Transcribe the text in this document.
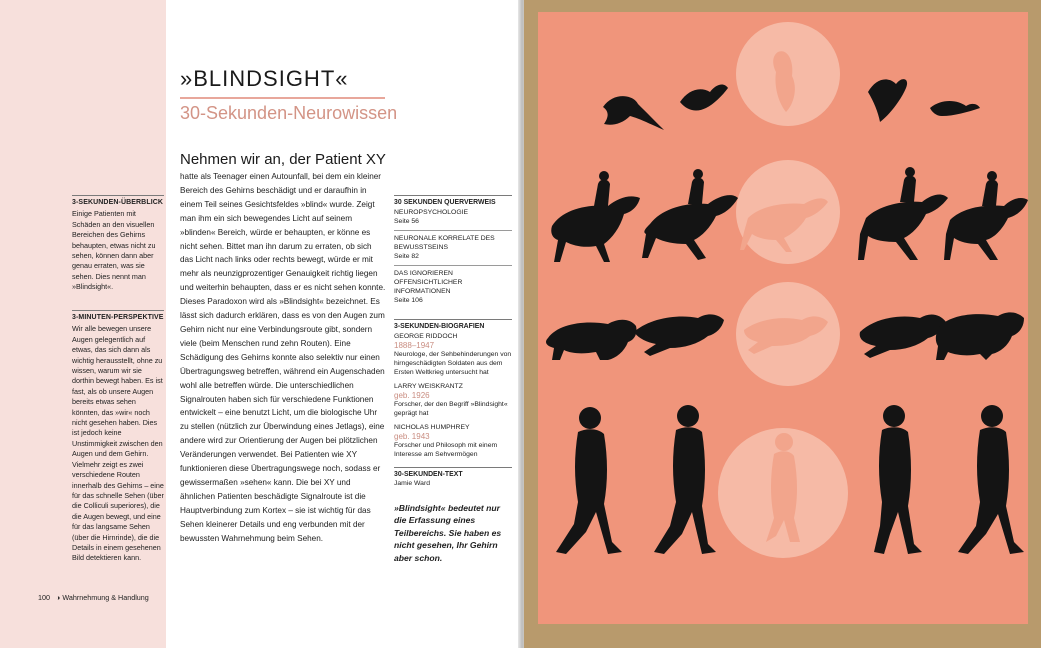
»BLINDSIGHT«
30-Sekunden-Neurowissen
3-SEKUNDEN-ÜBERBLICK

Einige Patienten mit Schäden an den visuellen Bereichen des Gehirns behaupten, etwas nicht zu sehen, können dann aber genau erraten, was sie sehen. Dies nennt man »Blindsight«.

3-MINUTEN-PERSPEKTIVE

Wir alle bewegen unsere Augen gelegentlich auf etwas, das sich dann als wichtig herausstellt, ohne zu wissen, warum wir sie dorthin bewegt haben. Es ist fast, als ob unsere Augen bereits etwas sehen könnten, das »wir« noch nicht gesehen haben. Dies ist jedoch keine Unstimmigkeit zwischen den Augen und dem Gehirn. Vielmehr zeigt es zwei verschiedene Routen innerhalb des Gehirns – eine für das schnelle Sehen (über die Colliculi superiores), die die Augen bewegt, und eine für das langsame Sehen (über die Hirnrinde), die die Details in einem gesehenen Bild detektieren kann.

100 ◑ Wahrnehmung & Handlung
Nehmen wir an, der Patient XY

hatte als Teenager einen Autounfall, bei dem ein kleiner Bereich des Gehirns beschädigt und er daraufhin in einem Teil seines Gesichtsfeldes »blind« wurde. Zeigt man ihm ein sich bewegendes Licht auf seinem »blinden« Bereich, würde er behaupten, er könne es nicht sehen. Bittet man ihn darum zu erraten, ob sich das Licht nach links oder rechts bewegt, würde er mit mehr als neunzigprozentiger Genauigkeit richtig liegen und weiterhin behaupten, dass er es nicht sehen konnte. Dieses Paradoxon wird als »Blindsight« bezeichnet. Es lässt sich dadurch erklären, dass es von den Augen zum Gehirn nicht nur eine Verbindungsroute gibt, sondern viele (beim Menschen rund zehn Routen). Eine Schädigung des Gehirns konnte also selektiv nur einen Übertragungsweg betreffen, während ein Augenschaden wohl alle betreffen würde. Die unterschiedlichen Signalrouten haben sich für verschiedene Funktionen entwickelt – eine benutzt Licht, um die biologische Uhr zu stellen (nützlich zur Überwindung eines Jetlags), eine andere wird zur Orientierung der Augen bei plötzlichen Veränderungen verwendet. Bei Patienten wie XY funktionieren diese Übertragungswege noch, sodass er gewissermaßen »sehen« kann. Die bei XY und ähnlichen Patienten beschädigte Signalroute ist die Hauptverbindung zum Kortex – sie ist wichtig für das Sehen kleinerer Details und eng verbunden mit der bewussten Wahrnehmung beim Sehen.

30 SEKUNDEN QUERVERWEIS
NEUROPSYCHOLOGIE
Seite 56
NEURONALE KORRELATE DES BEWUSSTSEINS
Seite 82
DAS IGNORIEREN OFFENSICHTLICHER INFORMATIONEN
Seite 106
3-SEKUNDEN-BIOGRAFIEN
GEORGE RIDDOCH
1888–1947
Neurologe, der Sehbehinderungen von hirngeschädigten Soldaten aus dem Ersten Weltkrieg untersucht hat
LARRY WEISKRANTZ
geb. 1926
Forscher, der den Begriff »Blindsight« geprägt hat
NICHOLAS HUMPHREY
geb. 1943
Forscher und Philosoph mit einem Interesse am Sehvermögen
30-SEKUNDEN-TEXT
Jamie Ward
»Blindsight« bedeutet nur die Erfassung eines Teilbereichs. Sie haben es nicht gesehen, Ihr Gehirn aber schon.
